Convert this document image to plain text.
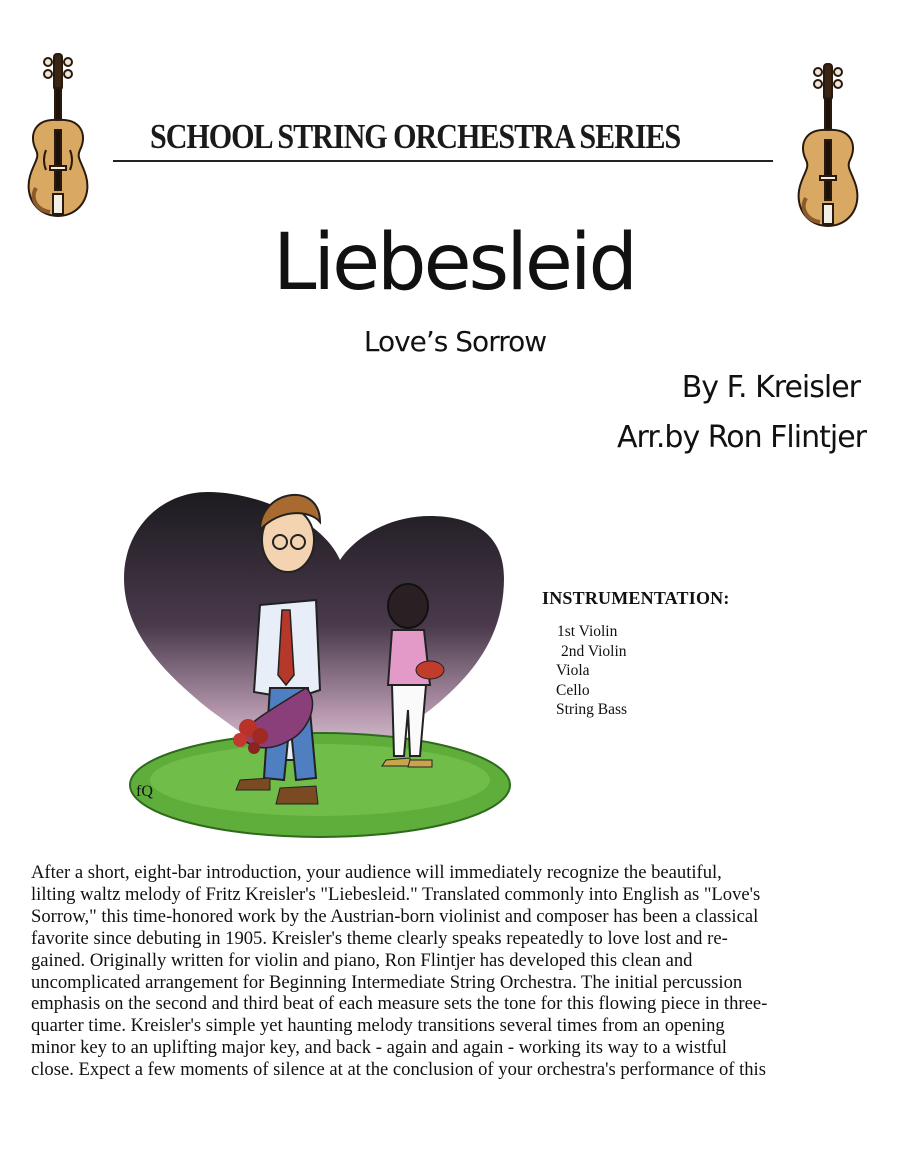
SCHOOL STRING ORCHESTRA SERIES
Liebesleid
Love’s Sorrow
By F. Kreisler
Arr.by Ron Flintjer
fQ
INSTRUMENTATION:
1st Violin
2nd Violin
Viola
Cello
String Bass

After a short, eight-bar introduction, your audience will immediately recognize the beautiful,
lilting waltz melody of Fritz Kreisler's "Liebesleid." Translated commonly into English as "Love's
Sorrow," this time-honored work by the Austrian-born violinist and composer has been a classical
favorite since debuting in 1905. Kreisler's theme clearly speaks repeatedly to love lost and re-
gained. Originally written for violin and piano, Ron Flintjer has developed this clean and
uncomplicated arrangement for Beginning Intermediate String Orchestra. The initial percussion
emphasis on the second and third beat of each measure sets the tone for this flowing piece in three-
quarter time. Kreisler's simple yet haunting melody transitions several times from an opening
minor key to an uplifting major key, and back - again and again - working its way to a wistful
close. Expect a few moments of silence at at the conclusion of your orchestra's performance of this
